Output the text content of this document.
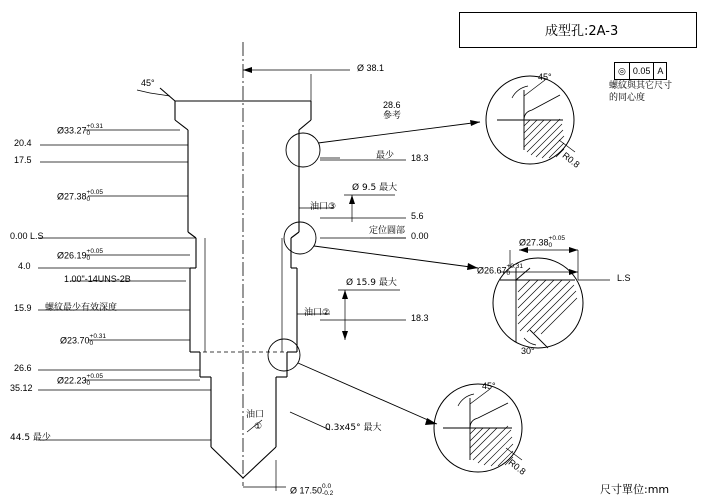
成型孔:2A-3
◎ 0.05 A
螺紋與其它尺寸
的同心度
尺寸單位:mm
Ø 38.1
28.6
參考
45°
20.4
17.5
0.00 L.S
4.0
15.9
26.6
35.12
44.5 最少
Ø33.27 +0.31
0
Ø27.38 +0.05
0
Ø26.19 +0.05
0
Ø23.70 +0.31
0
Ø22.23 +0.05
0
1.00"-14UNS-2B
螺紋最少有效深度
18.3
5.6
0.00
18.3
最少
Ø 9.5 最大
油口③
定位圓部
Ø 15.9 最大
油口②
油口
①	0.3x45° 最大
Ø 17.50 0.0
-0.2
45°
R0.8
Ø27.38 +0.05
0
Ø26.67 +0.31
0	L.S
30°
45°
R0.8
